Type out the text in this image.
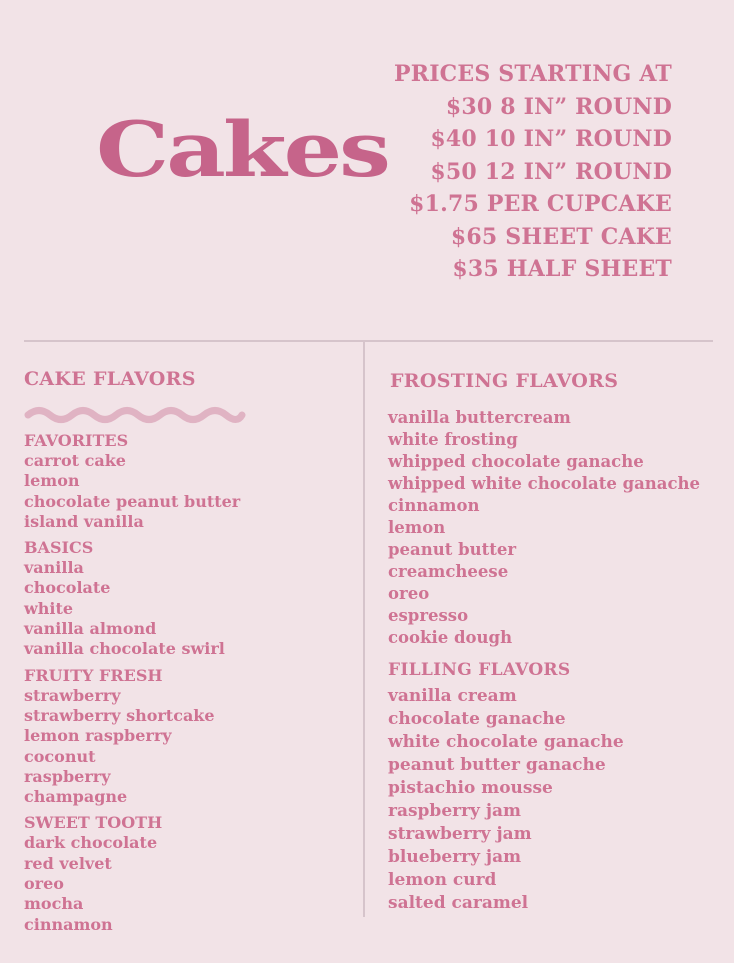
Cakes
PRICES STARTING AT
$30 8 IN” ROUND
$40 10 IN” ROUND
$50 12 IN” ROUND
$1.75 PER CUPCAKE
$65 SHEET CAKE
$35 HALF SHEET
CAKE FLAVORS
FAVORITES
carrot cake
lemon
chocolate peanut butter
island vanilla
BASICS
vanilla
chocolate
white
vanilla almond
vanilla chocolate swirl
FRUITY FRESH
strawberry
strawberry shortcake
lemon raspberry
coconut
raspberry
champagne
SWEET TOOTH
dark chocolate
red velvet
oreo
mocha
cinnamon
FROSTING FLAVORS
vanilla buttercream
white frosting
whipped chocolate ganache
whipped white chocolate ganache
cinnamon
lemon
peanut butter
creamcheese
oreo
espresso
cookie dough
FILLING FLAVORS
vanilla cream
chocolate ganache
white chocolate ganache
peanut butter ganache
pistachio mousse
raspberry jam
strawberry jam
blueberry jam
lemon curd
salted caramel
